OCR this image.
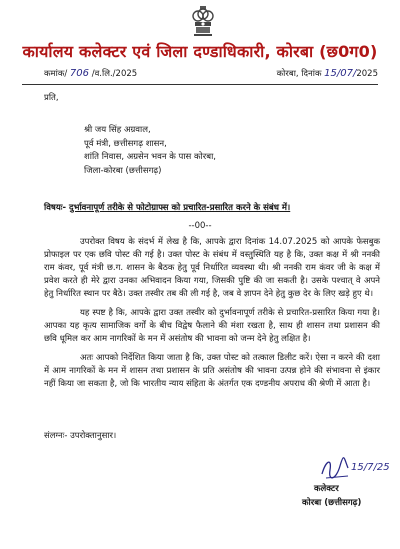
कार्यालय कलेक्टर एवं जिला दण्डाधिकारी, कोरबा (छ0ग0)
कमांक/ 706 /व.लि./2025	कोरबा, दिनांक 15/07/2025
प्रति,
श्री जय सिंह अग्रवाल,
पूर्व मंत्री, छत्तीसगढ़ शासन,
शांति निवास, अग्रसेन भवन के पास कोरबा,
जिला-कोरबा (छत्तीसगढ़)
विषयः- दुर्भावनापूर्ण तरीके से फोटोग्राफ्स को प्रचारित-प्रसारित करने के संबंध में।
--00--

उपरोक्त विषय के संदर्भ में लेख है कि, आपके द्वारा दिनांक 14.07.2025 को आपके फेसबुक प्रोफाइल पर एक छवि पोस्ट की गई है। उक्त पोस्ट के संबंध में वस्तुस्थिति यह है कि, उक्त कक्ष में श्री ननकी राम कंवर, पूर्व मंत्री छ.ग. शासन के बैठक हेतु पूर्व निर्धारित व्यवस्था थी। श्री ननकी राम कंवर जी के कक्ष में प्रवेश करते ही मेरे द्वारा उनका अभिवादन किया गया, जिसकी पुष्टि की जा सकती है। उसके पश्चात् वे अपने हेतु निर्धारित स्थान पर बैठे। उक्त तस्वीर तब की ली गई है, जब वे ज्ञापन देने हेतु कुछ देर के लिए खड़े हुए थे।

यह स्पष्ट है कि, आपके द्वारा उक्त तस्वीर को दुर्भावनापूर्ण तरीके से प्रचारित-प्रसारित किया गया है। आपका यह कृत्य सामाजिक वर्गों के बीच विद्वेष फैलाने की मंशा रखता है, साथ ही शासन तथा प्रशासन की छवि धूमिल कर आम नागरिकों के मन में असंतोष की भावना को जन्म देने हेतु लक्षित है।

अतः आपको निर्देशित किया जाता है कि, उक्त पोस्ट को तत्काल डिलीट करें। ऐसा न करने की दशा में आम नागरिकों के मन में शासन तथा प्रशासन के प्रति असंतोष की भावना उत्पन्न होने की संभावना से इंकार नहीं किया जा सकता है, जो कि भारतीय न्याय संहिता के अंतर्गत एक दण्डनीय अपराध की श्रेणी में आता है।

संलग्नः- उपरोक्तानुसार।
15/7/25
कलेक्टर
कोरबा (छत्तीसगढ़)
